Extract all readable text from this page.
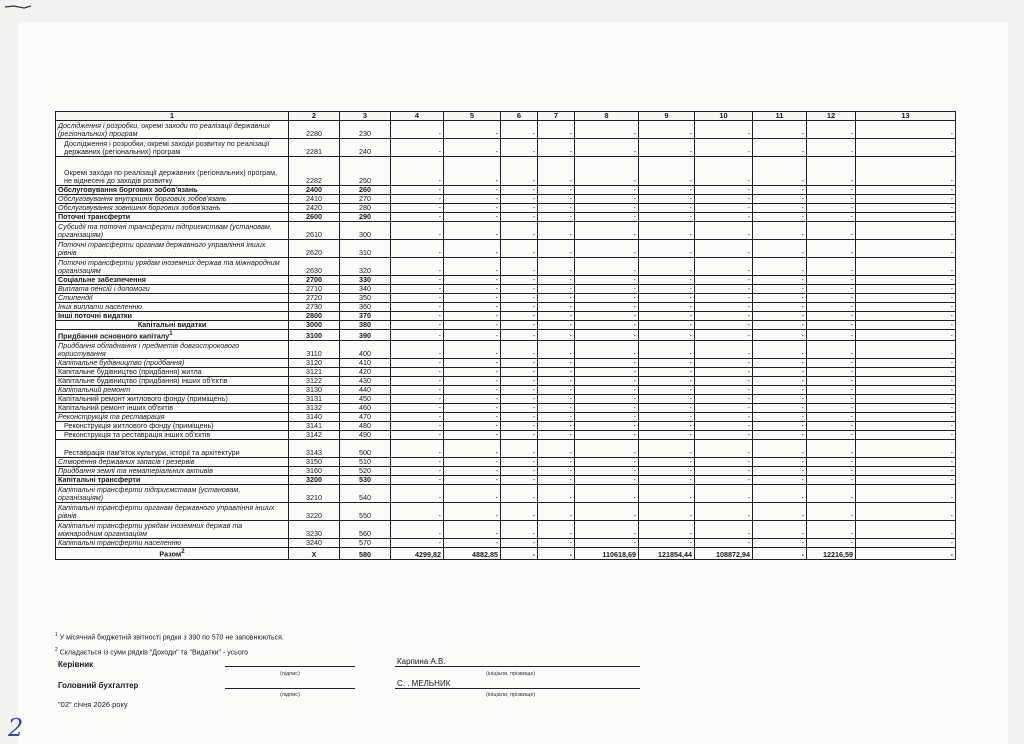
1	2	3	4	5	6	7	8	9	10	11	12	13
Дослідження і розробки, окремі заходи по реалізації державних (регіональних) програм	2280	230	-	-	-	-	-	-	-	-	-	-
Дослідження і розробки, окремі заходи розвитку по реалізації державних (регіональних) програм	2281	240	-	-	-	-	-	-	-	-	-	-
Окремі заходи по реалізації державних (регіональних) програм, не віднесені до заходів розвитку	2282	250	-	-	-	-	-	-	-	-	-	-
Обслуговування боргових зобов'язань	2400	260	-	-	-	-	-	-	-	-	-	-
Обслуговування внутрішніх боргових зобов'язань	2410	270	-	-	-	-	-	-	-	-	-	-
Обслуговування зовнішніх боргових зобов'язань	2420	280	-	-	-	-	-	-	-	-	-	-
Поточні трансферти	2600	290	-	-	-	-	-	-	-	-	-	-
Субсидії та поточні трансферти підприємствам (установам, організаціям)	2610	300	-	-	-	-	-	-	-	-	-	-
Поточні трансферти органам державного управління інших рівнів	2620	310	-	-	-	-	-	-	-	-	-	-
Поточні трансферти урядам іноземних держав та міжнародним організаціям	2630	320	-	-	-	-	-	-	-	-	-	-
Соціальне забезпечення	2700	330	-	-	-	-	-	-	-	-	-	-
Виплата пенсій і допомоги	2710	340	-	-	-	-	-	-	-	-	-	-
Стипендії	2720	350	-	-	-	-	-	-	-	-	-	-
Інші виплати населенню	2730	360	-	-	-	-	-	-	-	-	-	-
Інші поточні видатки	2800	370	-	-	-	-	-	-	-	-	-	-
Капітальні видатки	3000	380	-	-	-	-	-	-	-	-	-	-
Придбання основного капіталу$^1$	3100	390	-	-	-	-	-	-	-	-	-	-
Придбання обладнання і предметів довгострокового користування	3110	400	-	-	-	-	-	-	-	-	-	-
Капітальне будівництво (придбання)	3120	410	-	-	-	-	-	-	-	-	-	-
Капітальне будівництво (придбання) житла	3121	420	-	-	-	-	-	-	-	-	-	-
Капітальне будівництво (придбання) інших об'єктів	3122	430	-	-	-	-	-	-	-	-	-	-
Капітальний ремонт	3130	440	-	-	-	-	-	-	-	-	-	-
Капітальний ремонт житлового фонду (приміщень)	3131	450	-	-	-	-	-	-	-	-	-	-
Капітальний ремонт інших об'єктів	3132	460	-	-	-	-	-	-	-	-	-	-
Реконструкція та реставрація	3140	470	-	-	-	-	-	-	-	-	-	-
Реконструкція житлового фонду (приміщень)	3141	480	-	-	-	-	-	-	-	-	-	-
Реконструкція та реставрація інших об'єктів	3142	490	-	-	-	-	-	-	-	-	-	-
Реставрація пам'яток культури, історії та архітектури	3143	500	-	-	-	-	-	-	-	-	-	-
Створення державних запасів і резервів	3150	510	-	-	-	-	-	-	-	-	-	-
Придбання землі та нематеріальних активів	3160	520	-	-	-	-	-	-	-	-	-	-
Капітальні трансферти	3200	530	-	-	-	-	-	-	-	-	-	-
Капітальні трансферти підприємствам (установам, організаціям)	3210	540	-	-	-	-	-	-	-	-	-	-
Капітальні трансферти органам державного управління інших рівнів	3220	550	-	-	-	-	-	-	-	-	-	-
Капітальні трансферти урядам іноземних держав та міжнародним організаціям	3230	560	-	-	-	-	-	-	-	-	-	-
Капітальні трансферти населенню	3240	570	-	-	-	-	-	-	-	-	-	-
Разом$^2$	X	580	4299,82	4882,85	-	-	110618,69	121854,44	108872,94	-	12216,59	-
$^1$ У місячний бюджетній звітності рядки з 390 по 570 не заповнюються.
$^2$ Складається із суми рядків "Доходи" та "Видатки" - усього
Керівник
(підпис)
Карпина А.В.
(ініціали, прізвище)
Головний бухгалтер
(підпис)
С. . МЕЛЬНИК
(ініціали, прізвище)
"02" січня 2026 року
2
